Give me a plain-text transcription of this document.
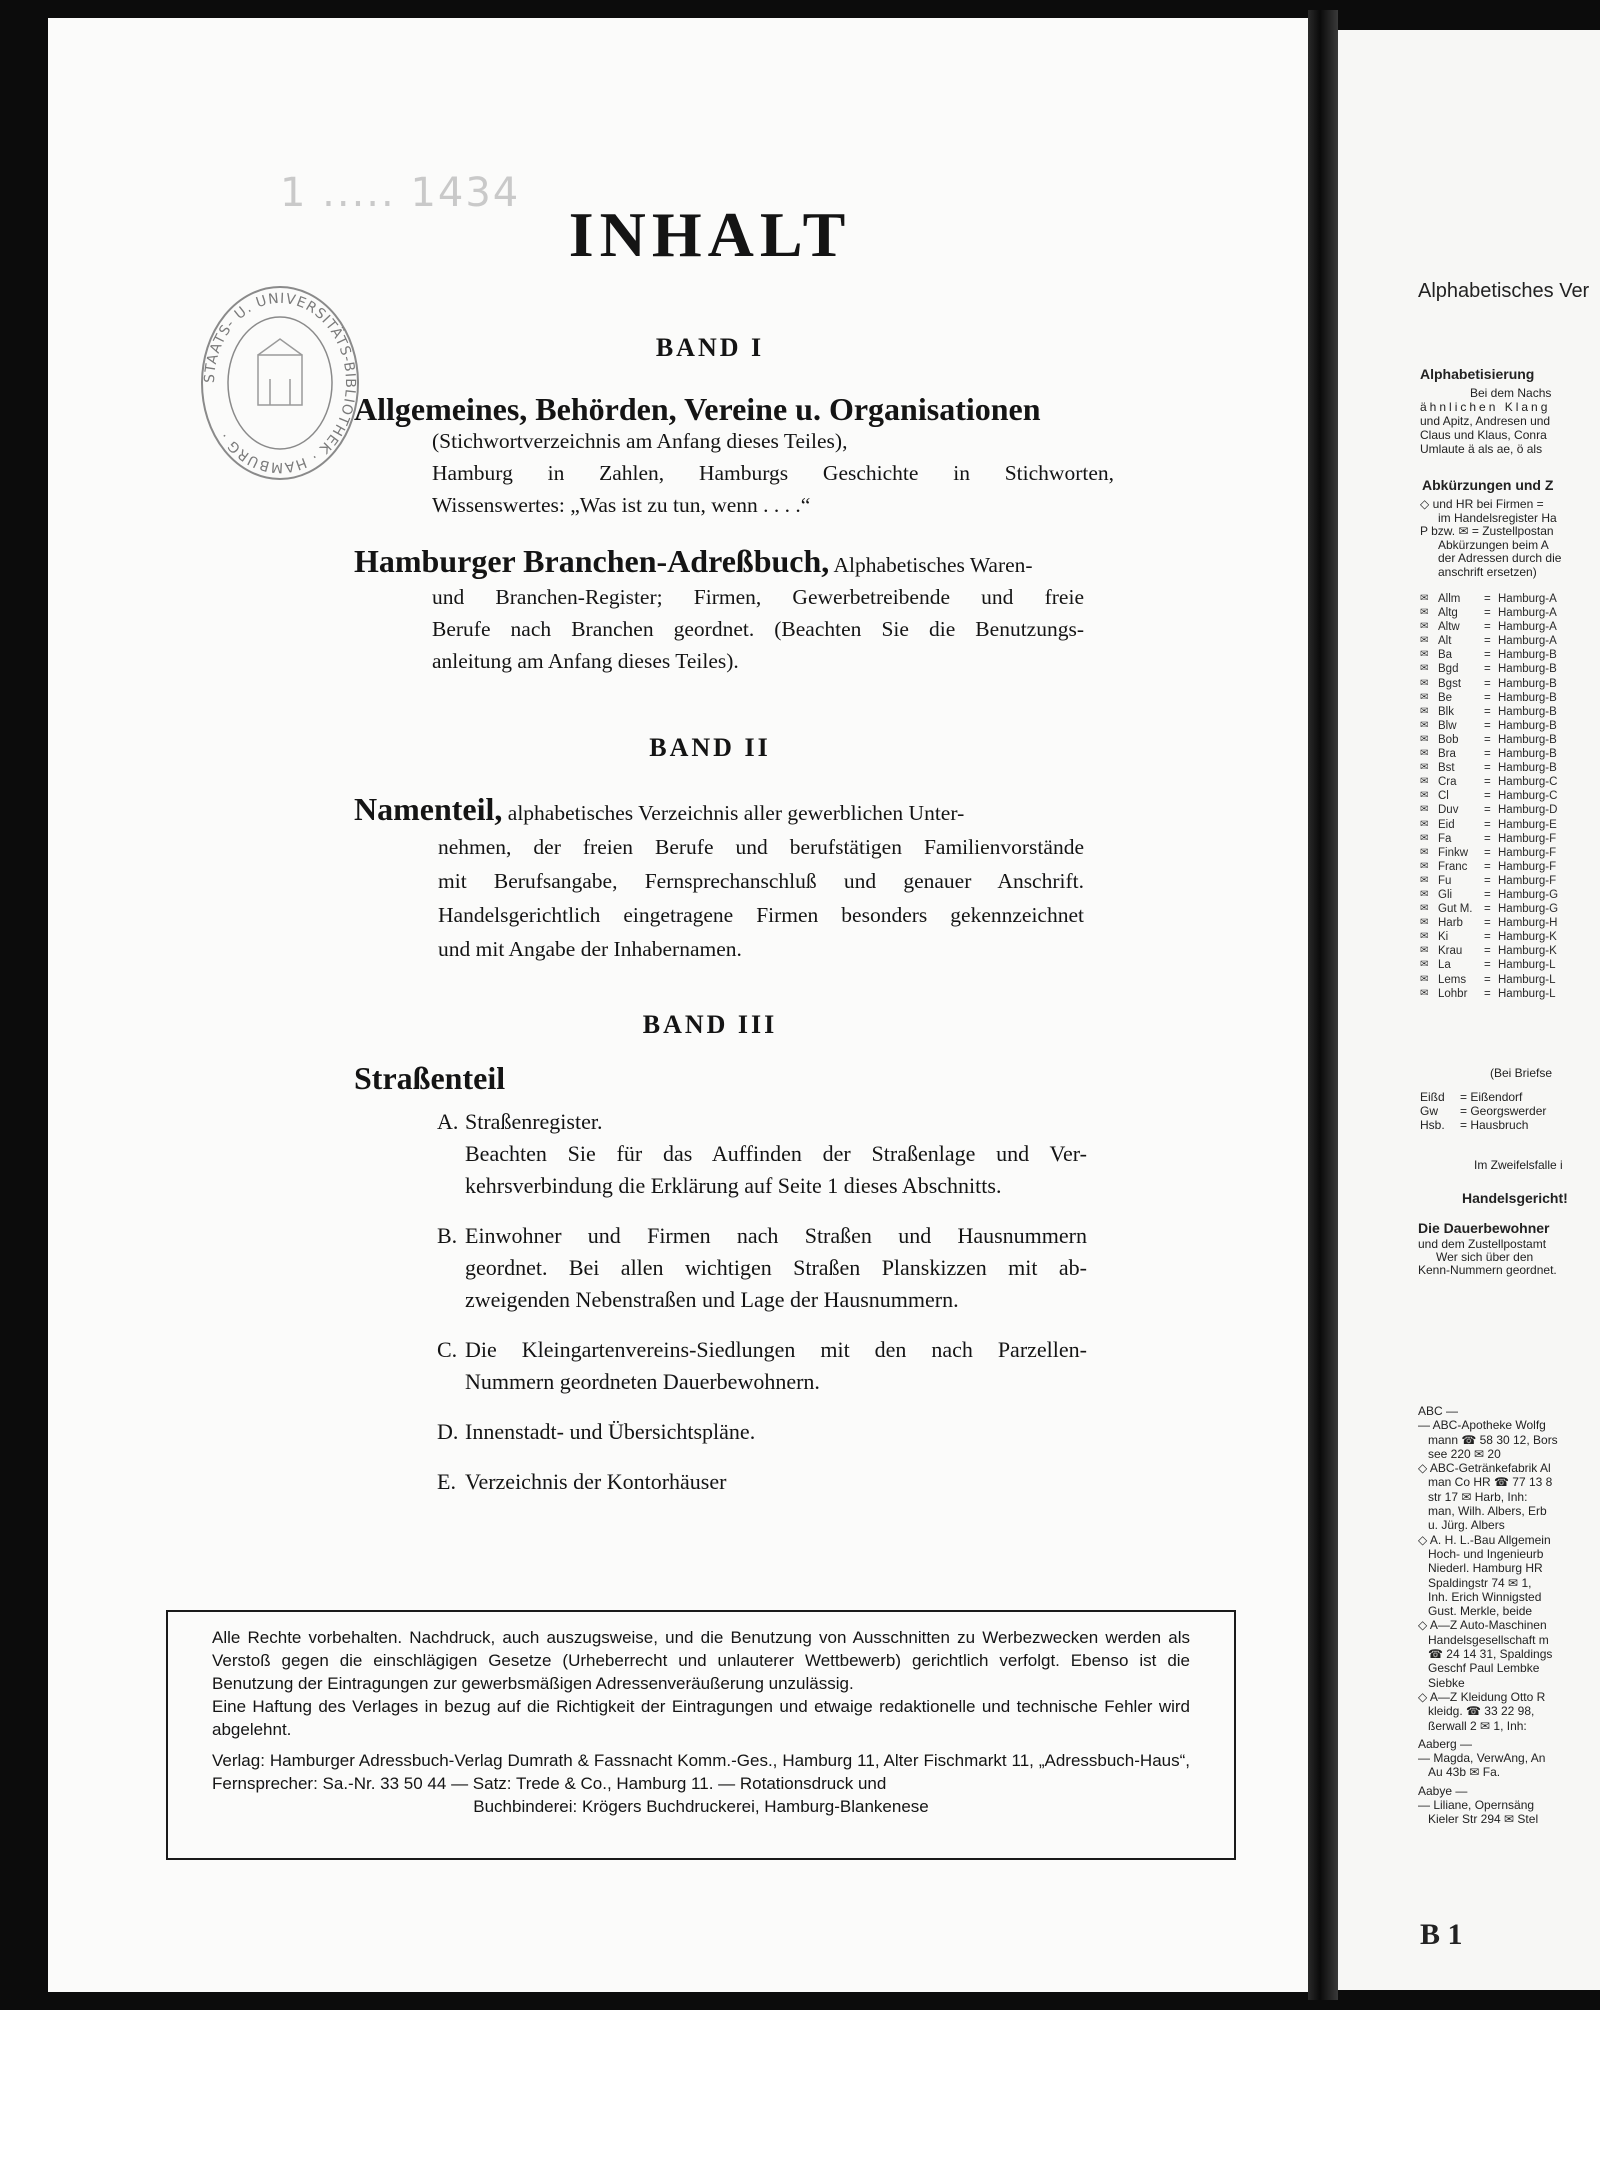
1 ..... 1434
STAATS- U. UNIVERSITÄTS-BIBLIOTHEK · HAMBURG ·
INHALT
BAND I

Allgemeines, Behörden, Vereine u. Organisationen

(Stichwortverzeichnis am Anfang dieses Teiles),

Hamburg in Zahlen, Hamburgs Geschichte in Stichworten,

Wissenswertes: „Was ist zu tun, wenn . . . .“

Hamburger Branchen-Adreßbuch, Alphabetisches Waren-

und Branchen-Register; Firmen, Gewerbetreibende und freie

Berufe nach Branchen geordnet. (Beachten Sie die Benutzungs-

anleitung am Anfang dieses Teiles).

BAND II

Namenteil, alphabetisches Verzeichnis aller gewerblichen Unter-

nehmen, der freien Berufe und berufstätigen Familienvorstände

mit Berufsangabe, Fernsprechanschluß und genauer Anschrift.

Handelsgerichtlich eingetragene Firmen besonders gekennzeichnet

und mit Angabe der Inhabernamen.

BAND III

Straßenteil

A. Straßenregister.
Beachten Sie für das Auffinden der Straßenlage und Ver-
kehrsverbindung die Erklärung auf Seite 1 dieses Abschnitts.
B. Einwohner und Firmen nach Straßen und Hausnummern
geordnet. Bei allen wichtigen Straßen Planskizzen mit ab-
zweigenden Nebenstraßen und Lage der Hausnummern.
C. Die Kleingartenvereins-Siedlungen mit den nach Parzellen-
Nummern geordneten Dauerbewohnern.
D. Innenstadt- und Übersichtspläne.
E. Verzeichnis der Kontorhäuser

Alle Rechte vorbehalten. Nachdruck, auch auszugsweise, und die Benutzung von Ausschnitten zu Werbezwecken werden als Verstoß gegen die einschlägigen Gesetze (Urheberrecht und unlauterer Wettbewerb) gerichtlich verfolgt. Ebenso ist die Benutzung der Eintragungen zur gewerbsmäßigen Adressenveräußerung unzulässig.

Eine Haftung des Verlages in bezug auf die Richtigkeit der Eintragungen und etwaige redaktionelle und technische Fehler wird abgelehnt.

Verlag: Hamburger Adressbuch-Verlag Dumrath & Fassnacht Komm.-Ges., Hamburg 11, Alter Fischmarkt 11, „Adressbuch-Haus“, Fernsprecher: Sa.-Nr. 33 50 44 — Satz: Trede & Co., Hamburg 11. — Rotationsdruck und

Buchbinderei: Krögers Buchdruckerei, Hamburg-Blankenese

Alphabetisches Ver
Alphabetisierung
Bei dem Nachs
ähnlichen Klang
und Apitz, Andresen und
Claus und Klaus, Conra
Umlaute ä als ae, ö als
Abkürzungen und Z
◇ und HR bei Firmen =
im Handelsregister Ha
P bzw. ✉ = Zustellpostan
Abkürzungen beim A
der Adressen durch die
anschrift ersetzen)
✉ Allm	= Hamburg-A
✉ Altg	= Hamburg-A
✉ Altw	= Hamburg-A
✉ Alt	= Hamburg-A
✉ Ba	= Hamburg-B
✉ Bgd	= Hamburg-B
✉ Bgst	= Hamburg-B
✉ Be	= Hamburg-B
✉ Blk	= Hamburg-B
✉ Blw	= Hamburg-B
✉ Bob	= Hamburg-B
✉ Bra	= Hamburg-B
✉ Bst	= Hamburg-B
✉ Cra	= Hamburg-C
✉ Cl	= Hamburg-C
✉ Duv	= Hamburg-D
✉ Eid	= Hamburg-E
✉ Fa	= Hamburg-F
✉ Finkw	= Hamburg-F
✉ Franc	= Hamburg-F
✉ Fu	= Hamburg-F
✉ Gli	= Hamburg-G
✉ Gut M. = Hamburg-G
✉ Harb	= Hamburg-H
✉ Ki	= Hamburg-K
✉ Krau	= Hamburg-K
✉ La	= Hamburg-L
✉ Lems	= Hamburg-L
✉ Lohbr	= Hamburg-L
(Bei Briefse
Eißd = Eißendorf
Gw = Georgswerder
Hsb. = Hausbruch
Im Zweifelsfalle i
Handelsgericht!
Die Dauerbewohner
und dem Zustellpostamt
Wer sich über den
Kenn-Nummern geordnet.
ABC —
— ABC-Apotheke Wolfg
mann ☎ 58 30 12, Bors
see 220 ✉ 20
◇ ABC-Getränkefabrik Al
man Co HR ☎ 77 13 8
str 17 ✉ Harb, Inh:
man, Wilh. Albers, Erb
u. Jürg. Albers
◇ A. H. L.-Bau Allgemein
Hoch- und Ingenieurb
Niederl. Hamburg HR
Spaldingstr 74 ✉ 1,
Inh. Erich Winnigsted
Gust. Merkle, beide
◇ A—Z Auto-Maschinen
Handelsgesellschaft m
☎ 24 14 31, Spaldings
Geschf Paul Lembke
Siebke
◇ A—Z Kleidung Otto R
kleidg. ☎ 33 22 98,
ßerwall 2 ✉ 1, Inh:
Aaberg —
— Magda, VerwAng, An
Au 43b ✉ Fa.
Aabye —
— Liliane, Opernsäng
Kieler Str 294 ✉ Stel
B 1
